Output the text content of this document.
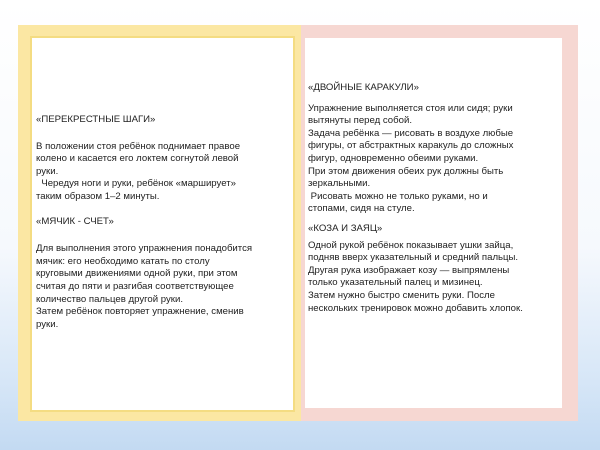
«ПЕРЕКРЕСТНЫЕ ШАГИ»

В положении стоя ребёнок поднимает правое
колено и касается его локтем согнутой левой
руки.
Чередуя ноги и руки, ребёнок «марширует»
таким образом 1–2 минуты.

«МЯЧИК - СЧЕТ»

Для выполнения этого упражнения понадобится
мячик: его необходимо катать по столу
круговыми движениями одной руки, при этом
считая до пяти и разгибая соответствующее
количество пальцев другой руки.
Затем ребёнок повторяет упражнение, сменив
руки.

«ДВОЙНЫЕ КАРАКУЛИ»

Упражнение выполняется стоя или сидя; руки
вытянуты перед собой.
Задача ребёнка — рисовать в воздухе любые
фигуры, от абстрактных каракуль до сложных
фигур, одновременно обеими руками.
При этом движения обеих рук должны быть
зеркальными.
Рисовать можно не только руками, но и
стопами, сидя на стуле.

«КОЗА И ЗАЯЦ»

Одной рукой ребёнок показывает ушки зайца,
подняв вверх указательный и средний пальцы.
Другая рука изображает козу — выпрямлены
только указательный палец и мизинец.
Затем нужно быстро сменить руки. После
нескольких тренировок можно добавить хлопок.
